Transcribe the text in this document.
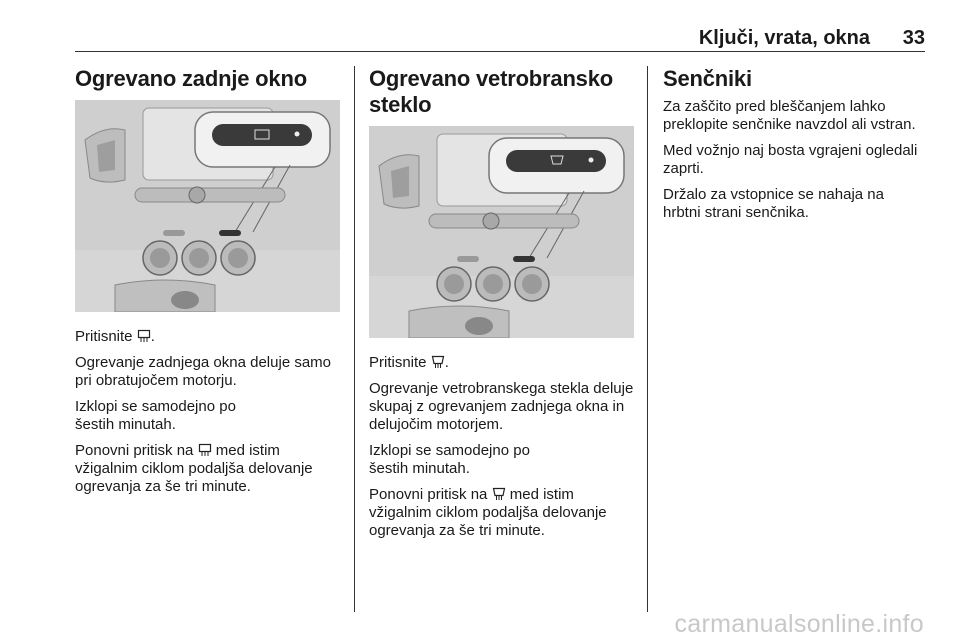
Ključi, vrata, okna 33
Ogrevano zadnje okno

Pritisnite .

Ogrevanje zadnjega okna deluje samo pri obratujočem motorju.

Izklopi se samodejno po
šestih minutah.

Ponovni pritisk na  med istim vžigalnim ciklom podaljša delovanje ogrevanja za še tri minute.

Ogrevano vetrobransko
steklo

Pritisnite .

Ogrevanje vetrobranskega stekla deluje skupaj z ogrevanjem zadnjega okna in delujočim motorjem.

Izklopi se samodejno po
šestih minutah.

Ponovni pritisk na  med istim vžigalnim ciklom podaljša delovanje ogrevanja za še tri minute.

Senčniki

Za zaščito pred bleščanjem lahko preklopite senčnike navzdol ali vstran.

Med vožnjo naj bosta vgrajeni ogledali zaprti.

Držalo za vstopnice se nahaja na hrbtni strani senčnika.

carmanualsonline.info
